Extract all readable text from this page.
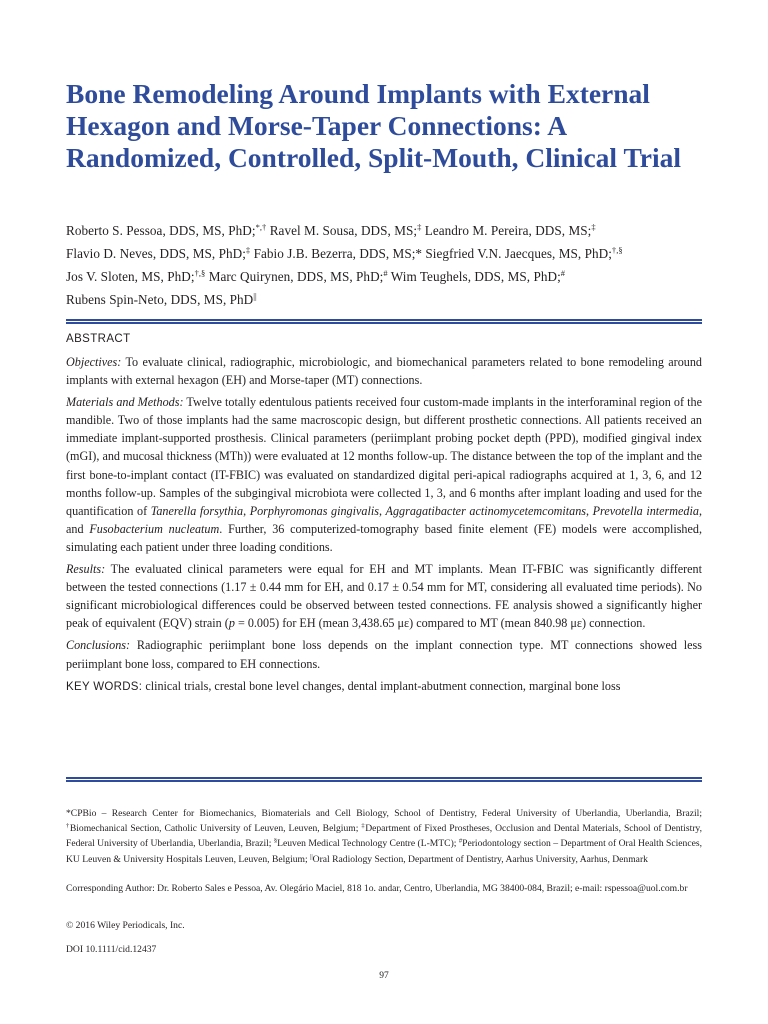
Bone Remodeling Around Implants with External Hexagon and Morse-Taper Connections: A Randomized, Controlled, Split-Mouth, Clinical Trial
Roberto S. Pessoa, DDS, MS, PhD;*,† Ravel M. Sousa, DDS, MS;‡ Leandro M. Pereira, DDS, MS;‡
Flavio D. Neves, DDS, MS, PhD;‡ Fabio J.B. Bezerra, DDS, MS;* Siegfried V.N. Jaecques, MS, PhD;†,§
Jos V. Sloten, MS, PhD;†,§ Marc Quirynen, DDS, MS, PhD;# Wim Teughels, DDS, MS, PhD;#
Rubens Spin-Neto, DDS, MS, PhD||
ABSTRACT

Objectives: To evaluate clinical, radiographic, microbiologic, and biomechanical parameters related to bone remodeling around implants with external hexagon (EH) and Morse-taper (MT) connections.

Materials and Methods: Twelve totally edentulous patients received four custom-made implants in the interforaminal region of the mandible. Two of those implants had the same macroscopic design, but different prosthetic connections. All patients received an immediate implant-supported prosthesis. Clinical parameters (periimplant probing pocket depth (PPD), modified gingival index (mGI), and mucosal thickness (MTh)) were evaluated at 12 months follow-up. The distance between the top of the implant and the first bone-to-implant contact (IT-FBIC) was evaluated on standardized digital peri-apical radiographs acquired at 1, 3, 6, and 12 months follow-up. Samples of the subgingival microbiota were collected 1, 3, and 6 months after implant loading and used for the quantification of Tanerella forsythia, Porphyromonas gingivalis, Aggragatibacter actinomycetemcomitans, Prevotella intermedia, and Fusobacterium nucleatum. Further, 36 computerized-tomography based finite element (FE) models were accomplished, simulating each patient under three loading conditions.

Results: The evaluated clinical parameters were equal for EH and MT implants. Mean IT-FBIC was significantly different between the tested connections (1.17 ± 0.44 mm for EH, and 0.17 ± 0.54 mm for MT, considering all evaluated time periods). No significant microbiological differences could be observed between tested connections. FE analysis showed a significantly higher peak of equivalent (EQV) strain (p = 0.005) for EH (mean 3,438.65 με) compared to MT (mean 840.98 με) connection.

Conclusions: Radiographic periimplant bone loss depends on the implant connection type. MT connections showed less periimplant bone loss, compared to EH connections.

KEY WORDS: clinical trials, crestal bone level changes, dental implant-abutment connection, marginal bone loss

*CPBio – Research Center for Biomechanics, Biomaterials and Cell Biology, School of Dentistry, Federal University of Uberlandia, Uberlandia, Brazil; †Biomechanical Section, Catholic University of Leuven, Leuven, Belgium; ‡Department of Fixed Prostheses, Occlusion and Dental Materials, School of Dentistry, Federal University of Uberlandia, Uberlandia, Brazil; §Leuven Medical Technology Centre (L-MTC); #Periodontology section – Department of Oral Health Sciences, KU Leuven & University Hospitals Leuven, Leuven, Belgium; ||Oral Radiology Section, Department of Dentistry, Aarhus University, Aarhus, Denmark

Corresponding Author: Dr. Roberto Sales e Pessoa, Av. Olegário Maciel, 818 1o. andar, Centro, Uberlandia, MG 38400-084, Brazil; e-mail: rspessoa@uol.com.br

© 2016 Wiley Periodicals, Inc.

DOI 10.1111/cid.12437

97
